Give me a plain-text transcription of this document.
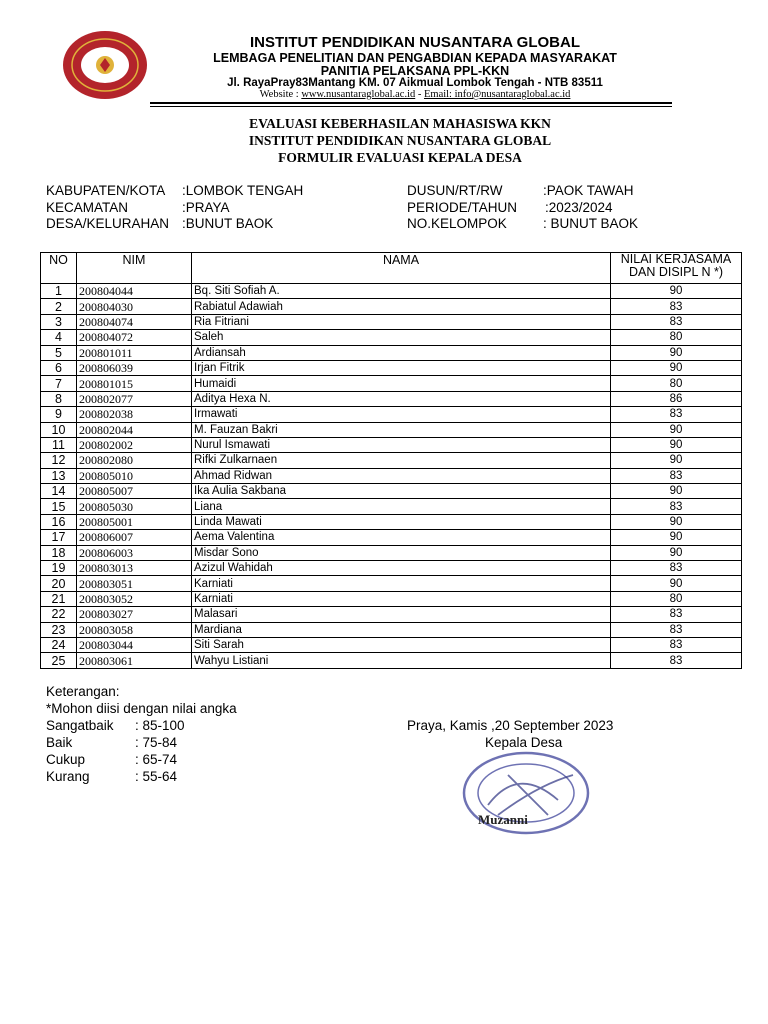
INSTITUT PENDIDIKAN NUSANTARA GLOBAL
LEMBAGA PENELITIAN DAN PENGABDIAN KEPADA MASYARAKAT
PANITIA PELAKSANA PPL-KKN
Jl. RayaPray83Mantang KM. 07 Aikmual Lombok Tengah - NTB 83511
Website : www.nusantaraglobal.ac.id - Email: info@nusantaraglobal.ac.id
EVALUASI KEBERHASILAN MAHASISWA KKN
INSTITUT PENDIDIKAN NUSANTARA GLOBAL
FORMULIR EVALUASI KEPALA DESA
KABUPATEN/KOTA :LOMBOK TENGAH
KECAMATAN	:PRAYA
DESA/KELURAHAN :BUNUT BAOK
DUSUN/RT/RW	:PAOK TAWAH
PERIODE/TAHUN :2023/2024
NO.KELOMPOK	: BUNUT BAOK
NO	NIM	NAMA	NILAI KERJASAMA DAN DISIPL N *)
1	200804044	Bq. Siti Sofiah A.	90
2	200804030	Rabiatul Adawiah	83
3	200804074	Ria Fitriani	83
4	200804072	Saleh	80
5	200801011	Ardiansah	90
6	200806039	Irjan Fitrik	90
7	200801015	Humaidi	80
8	200802077	Aditya Hexa N.	86
9	200802038	Irmawati	83
10	200802044	M. Fauzan Bakri	90
11	200802002	Nurul Ismawati	90
12	200802080	Rifki Zulkarnaen	90
13	200805010	Ahmad Ridwan	83
14	200805007	Ika Aulia Sakbana	90
15	200805030	Liana	83
16	200805001	Linda Mawati	90
17	200806007	Aema Valentina	90
18	200806003	Misdar Sono	90
19	200803013	Azizul Wahidah	83
20	200803051	Karniati	90
21	200803052	Karniati	80
22	200803027	Malasari	83
23	200803058	Mardiana	83
24	200803044	Siti Sarah	83
25	200803061	Wahyu Listiani	83
Keterangan:
*Mohon diisi dengan nilai angka
Sangatbaik : 85-100
Baik	: 75-84
Cukup	: 65-74
Kurang	: 55-64
Praya, Kamis ,20 September 2023
Kepala Desa
Muzanni
